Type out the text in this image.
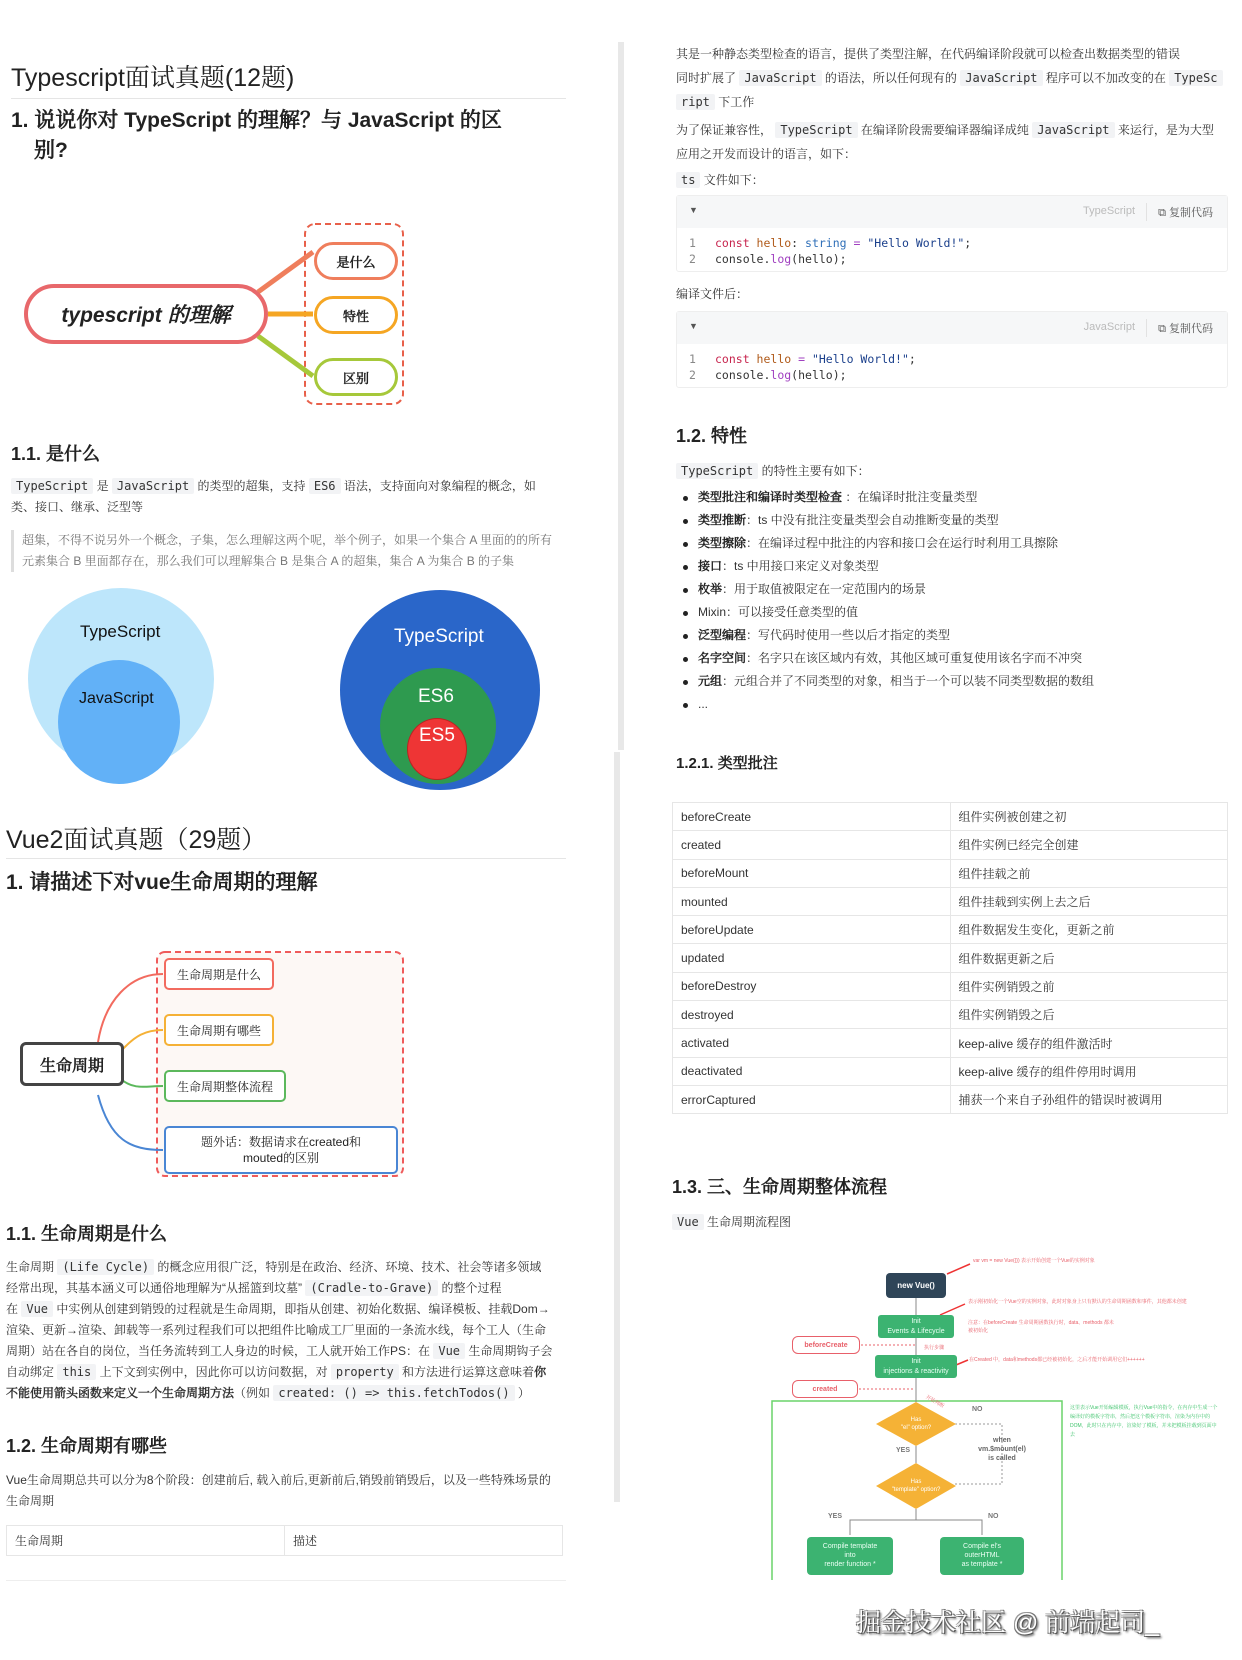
Typescript面试真题(12题)
1. 说说你对 TypeScript 的理解？与 JavaScript 的区
别?
typescript 的理解
是什么
特性
区别
1.1. 是什么
TypeScript 是 JavaScript 的类型的超集，支持 ES6 语法，支持面向对象编程的概念，如
类、接口、继承、泛型等
超集，不得不说另外一个概念，子集，怎么理解这两个呢，举个例子，如果一个集合 A 里面的的所有
元素集合 B 里面都存在，那么我们可以理解集合 B 是集合 A 的超集，集合 A 为集合 B 的子集
TypeScript
JavaScript
TypeScript
ES6
ES5
Vue2面试真题（29题）
1. 请描述下对vue生命周期的理解
生命周期
生命周期是什么
生命周期有哪些
生命周期整体流程
题外话：数据请求在created和
mouted的区别
1.1. 生命周期是什么
生命周期 (Life Cycle) 的概念应用很广泛，特别是在政治、经济、环境、技术、社会等诸多领域
经常出现，其基本涵义可以通俗地理解为“从摇篮到坟墓” (Cradle-to-Grave) 的整个过程
在 Vue 中实例从创建到销毁的过程就是生命周期，即指从创建、初始化数据、编译模板、挂载Dom→
渲染、更新→渲染、卸载等一系列过程我们可以把组件比喻成工厂里面的一条流水线，每个工人（生命
周期）站在各自的岗位，当任务流转到工人身边的时候，工人就开始工作PS：在 Vue 生命周期钩子会
自动绑定 this 上下文到实例中，因此你可以访问数据，对 property 和方法进行运算这意味着你
不能使用箭头函数来定义一个生命周期方法（例如 created: () => this.fetchTodos() ）
1.2. 生命周期有哪些
Vue生命周期总共可以分为8个阶段：创建前后, 载入前后,更新前后,销毁前销毁后，以及一些特殊场景的
生命周期
生命周期	描述
其是一种静态类型检查的语言，提供了类型注解，在代码编译阶段就可以检查出数据类型的错误
同时扩展了 JavaScript 的语法，所以任何现有的 JavaScript 程序可以不加改变的在 TypeSc
ript 下工作
为了保证兼容性， TypeScript 在编译阶段需要编译器编译成纯 JavaScript 来运行，是为大型
应用之开发而设计的语言，如下：
ts 文件如下：
▼	TypeScript ⧉ 复制代码
1 const hello: string = "Hello World!";
2 console.log(hello);
编译文件后：
▼	JavaScript ⧉ 复制代码
1 const hello = "Hello World!";
2 console.log(hello);
1.2. 特性
TypeScript 的特性主要有如下：
类型批注和编译时类型检查 ：在编译时批注变量类型
类型推断：ts 中没有批注变量类型会自动推断变量的类型
类型擦除：在编译过程中批注的内容和接口会在运行时利用工具擦除
接口：ts 中用接口来定义对象类型
枚举：用于取值被限定在一定范围内的场景
Mixin：可以接受任意类型的值
泛型编程：写代码时使用一些以后才指定的类型
名字空间：名字只在该区域内有效，其他区域可重复使用该名字而不冲突
元组：元组合并了不同类型的对象，相当于一个可以装不同类型数据的数组
...
1.2.1. 类型批注
beforeCreate	组件实例被创建之初
created	组件实例已经完全创建
beforeMount	组件挂载之前
mounted	组件挂载到实例上去之后
beforeUpdate	组件数据发生变化，更新之前
updated	组件数据更新之后
beforeDestroy	组件实例销毁之前
destroyed	组件实例销毁之后
activated	keep-alive 缓存的组件激活时
deactivated	keep-alive 缓存的组件停用时调用
errorCaptured	捕获一个来自子孙组件的错误时被调用
1.3. 三、生命周期整体流程
Vue 生命周期流程图
new Vue()
Init
Events & Lifecycle
beforeCreate
Init
injections & reactivity
created
Has
"el" option?
Has
"template" option?
NO
YES
when
vm.$mount(el)
is called
YES	NO
Compile template
into
render function *
Compile el's
outerHTML
as template *
var vm = new Vue({}) 表示开始创建一个Vue的实例对象
表示刚初始化一个Vue空的实例对象，此时对象身上只有默认的生命周期函数和事件，其他都未创建
注意：在beforeCreate 生命周期函数执行时，data、methods 都未被初始化
执行步骤
在Created 中，data和methods都已经被初始化，之后才能开始调用它们++++++
开始判断	这里表示Vue开始编辑模板，执行Vue中的指令，在内存中生成一个编译好的模板字符串，然后把这个模板字符串，渲染为内存中的DOM，此时只在内存中，渲染好了模板，并未把模板挂载到页面中去
掘金技术社区 @ 前端起司_
